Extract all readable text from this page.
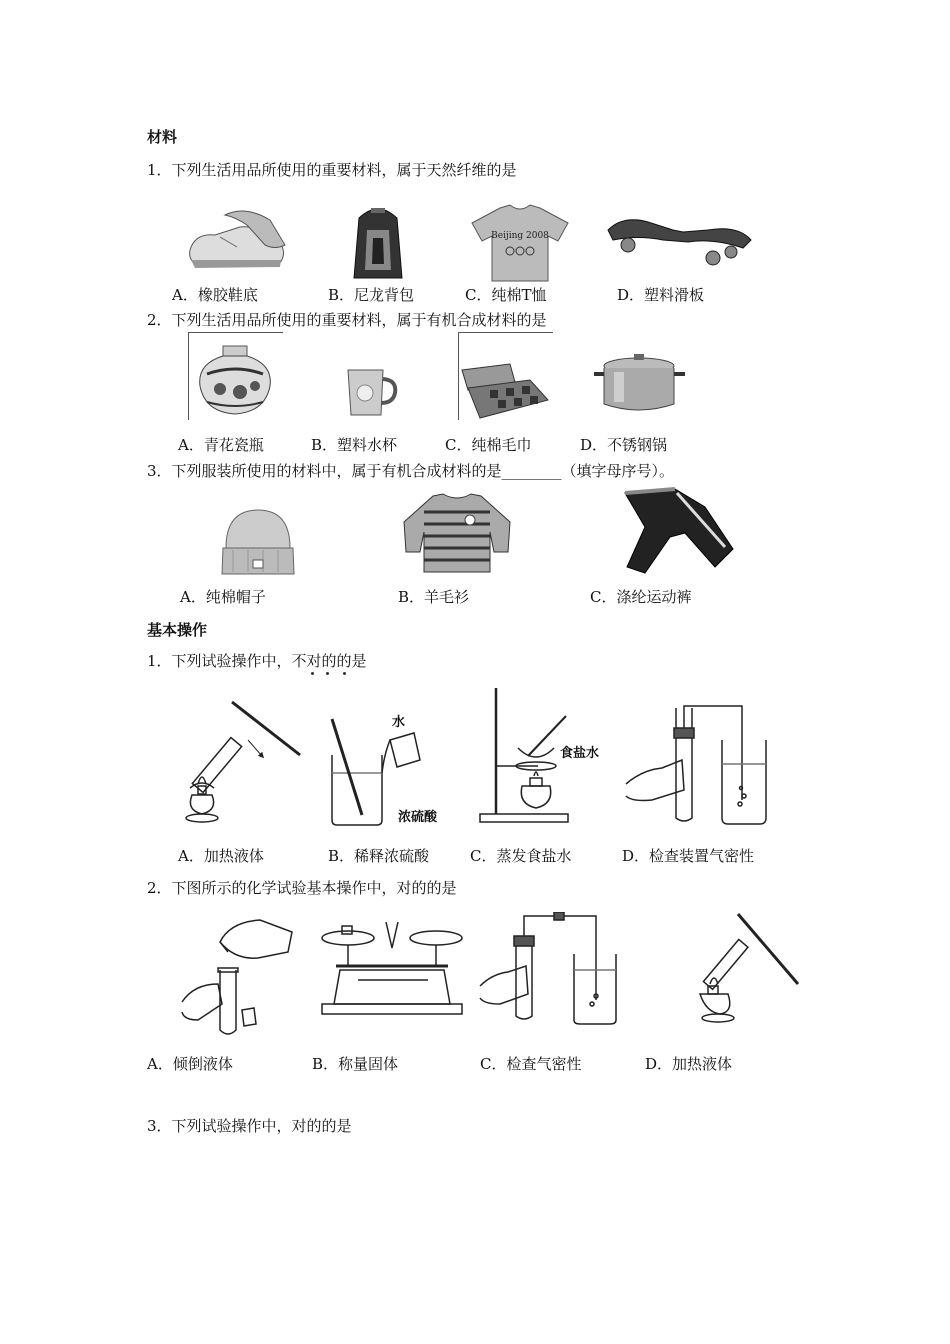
材料
1．下列生活用品所使用的重要材料，属于天然纤维的是
Beijing 2008
A．橡胶鞋底	B．尼龙背包	C．纯棉T恤	D．塑料滑板
2．下列生活用品所使用的重要材料，属于有机合成材料的是
A．青花瓷瓶	B．塑料水杯	C．纯棉毛巾	D．不锈钢锅
3．下列服装所使用的材料中，属于有机合成材料的是________（填字母序号）。
A．纯棉帽子	B．羊毛衫	C．涤纶运动裤
基本操作
1．下列试验操作中，不对的的是
水
浓硫酸
食盐水
A．加热液体	B．稀释浓硫酸	C．蒸发食盐水	D．检查装置气密性
2．下图所示的化学试验基本操作中，对的的是
A．倾倒液体	B．称量固体	C．检查气密性	D．加热液体
3．下列试验操作中，对的的是
